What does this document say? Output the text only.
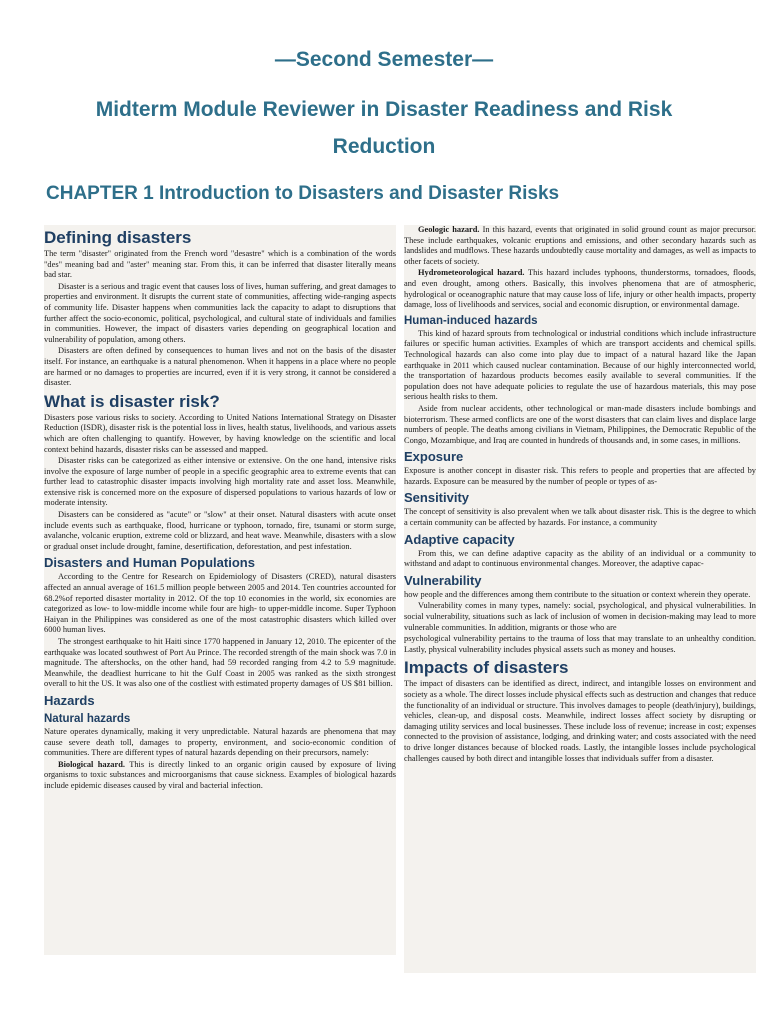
—Second Semester—
Midterm Module Reviewer in Disaster Readiness and Risk
Reduction
CHAPTER 1 Introduction to Disasters and Disaster Risks
Defining disasters

The term "disaster" originated from the French word "desastre" which is a combination of the words "des" meaning bad and "aster" meaning star. From this, it can be inferred that disaster literally means bad star.

Disaster is a serious and tragic event that causes loss of lives, human suffering, and great damages to properties and environment. It disrupts the current state of communities, affecting wide-ranging aspects of community life. Disaster happens when communities lack the capacity to adapt to disruptions that further affect the socio-economic, political, psychological, and cultural state of individuals and families in communities. However, the impact of disasters varies depending on geographical location and vulnerability of population, among others.

Disasters are often defined by consequences to human lives and not on the basis of the disaster itself. For instance, an earthquake is a natural phenomenon. When it happens in a place where no people are harmed or no damages to properties are incurred, even if it is very strong, it cannot be considered a disaster.

What is disaster risk?

Disasters pose various risks to society. According to United Nations International Strategy on Disaster Reduction (ISDR), disaster risk is the potential loss in lives, health status, livelihoods, and various assets which are often challenging to quantify. However, by having knowledge on the scientific and local context behind hazards, disaster risks can be assessed and mapped.

Disaster risks can be categorized as either intensive or extensive. On the one hand, intensive risks involve the exposure of large number of people in a specific geographic area to extreme events that can further lead to catastrophic disaster impacts involving high mortality rate and asset loss. Meanwhile, extensive risk is concerned more on the exposure of dispersed populations to various hazards of low or moderate intensity.

Disasters can be considered as "acute" or "slow" at their onset. Natural disasters with acute onset include events such as earthquake, flood, hurricane or typhoon, tornado, fire, tsunami or storm surge, avalanche, volcanic eruption, extreme cold or blizzard, and heat wave. Meanwhile, disasters with a slow or gradual onset include drought, famine, desertification, deforestation, and pest infestation.

Disasters and Human Populations

According to the Centre for Research on Epidemiology of Disasters (CRED), natural disasters affected an annual average of 161.5 million people between 2005 and 2014. Ten countries accounted for 68.2%of reported disaster mortality in 2012. Of the top 10 economies in the world, six economies are categorized as low- to low-middle income while four are high- to upper-middle income. Super Typhoon Haiyan in the Philippines was considered as one of the most catastrophic disasters which killed over 6000 human lives.

The strongest earthquake to hit Haiti since 1770 happened in January 12, 2010. The epicenter of the earthquake was located southwest of Port Au Prince. The recorded strength of the main shock was 7.0 in magnitude. The aftershocks, on the other hand, had 59 recorded ranging from 4.2 to 5.9 magnitude. Meanwhile, the deadliest hurricane to hit the Gulf Coast in 2005 was ranked as the sixth strongest overall to hit the US. It was also one of the costliest with estimated property damages of US $81 billion.

Hazards
Natural hazards

Nature operates dynamically, making it very unpredictable. Natural hazards are phenomena that may cause severe death toll, damages to property, environment, and socio-economic condition of communities. There are different types of natural hazards depending on their precursors, namely:

Biological hazard. This is directly linked to an organic origin caused by exposure of living organisms to toxic substances and microorganisms that cause sickness. Examples of biological hazards include epidemic diseases caused by viral and bacterial infection.

Geologic hazard. In this hazard, events that originated in solid ground count as major precursor. These include earthquakes, volcanic eruptions and emissions, and other secondary hazards such as landslides and mudflows. These hazards undoubtedly cause mortality and damages, as well as impacts to other facets of society.

Hydrometeorological hazard. This hazard includes typhoons, thunderstorms, tornadoes, floods, and even drought, among others. Basically, this involves phenomena that are of atmospheric, hydrological or oceanographic nature that may cause loss of life, injury or other health impacts, property damage, loss of livelihoods and services, social and economic disruption, or environmental damage.

Human-induced hazards

This kind of hazard sprouts from technological or industrial conditions which include infrastructure failures or specific human activities. Examples of which are transport accidents and chemical spills. Technological hazards can also come into play due to impact of a natural hazard like the Japan earthquake in 2011 which caused nuclear contamination. Because of our highly interconnected world, the transportation of hazardous products becomes easily available to several communities. If the population does not have adequate policies to regulate the use of hazardous materials, this may pose serious health risks to them.

Aside from nuclear accidents, other technological or man-made disasters include bombings and bioterrorism. These armed conflicts are one of the worst disasters that can claim lives and displace large numbers of people. The deaths among civilians in Vietnam, Philippines, the Democratic Republic of the Congo, Mozambique, and Iraq are counted in hundreds of thousands and, in some cases, in millions.

Exposure

Exposure is another concept in disaster risk. This refers to people and properties that are affected by hazards. Exposure can be measured by the number of people or types of as-

Sensitivity

The concept of sensitivity is also prevalent when we talk about disaster risk. This is the degree to which a certain community can be affected by hazards. For instance, a community

Adaptive capacity

From this, we can define adaptive capacity as the ability of an individual or a community to withstand and adapt to continuous environmental changes. Moreover, the adaptive capac-

Vulnerability

how people and the differences among them contribute to the situation or context wherein they operate.

Vulnerability comes in many types, namely: social, psychological, and physical vulnerabilities. In social vulnerability, situations such as lack of inclusion of women in decision-making may lead to more vulnerable communities. In addition, migrants or those who are

psychological vulnerability pertains to the trauma of loss that may translate to an unhealthy condition. Lastly, physical vulnerability includes physical assets such as money and houses.

Impacts of disasters

The impact of disasters can be identified as direct, indirect, and intangible losses on environment and society as a whole. The direct losses include physical effects such as destruction and changes that reduce the functionality of an individual or structure. This involves damages to people (death/injury), buildings, vehicles, clean-up, and disposal costs. Meanwhile, indirect losses affect society by disrupting or damaging utility services and local businesses. These include loss of revenue; increase in cost; expenses connected to the provision of assistance, lodging, and drinking water; and costs associated with the need to drive longer distances because of blocked roads. Lastly, the intangible losses include psychological challenges caused by both direct and intangible losses that individuals suffer from a disaster.
